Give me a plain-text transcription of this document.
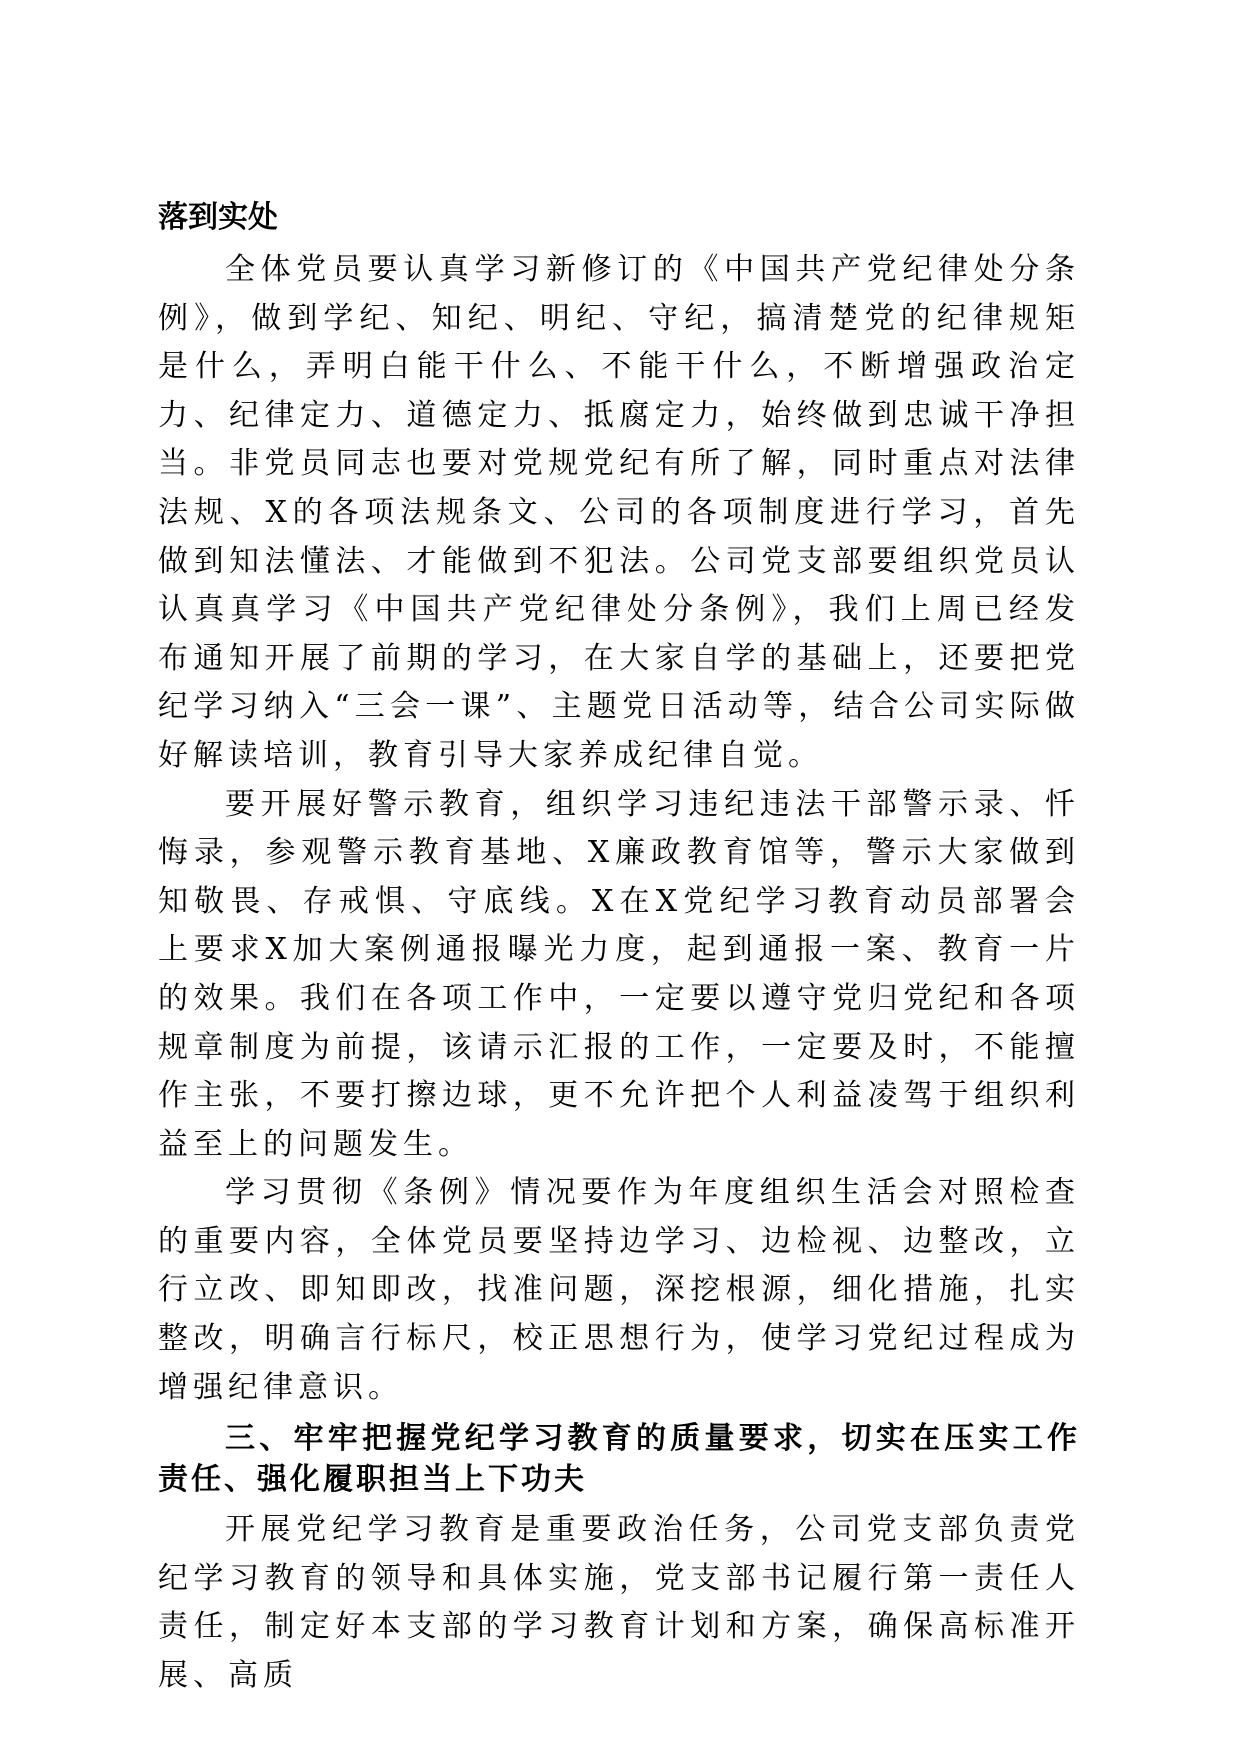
落到实处

全体党员要认真学习新修订的《中国共产党纪律处分条例》，做到学纪、知纪、明纪、守纪，搞清楚党的纪律规矩是什么，弄明白能干什么、不能干什么，不断增强政治定力、纪律定力、道德定力、抵腐定力，始终做到忠诚干净担当。非党员同志也要对党规党纪有所了解，同时重点对法律法规、X的各项法规条文、公司的各项制度进行学习，首先做到知法懂法、才能做到不犯法。公司党支部要组织党员认认真真学习《中国共产党纪律处分条例》，我们上周已经发布通知开展了前期的学习，在大家自学的基础上，还要把党纪学习纳入“三会一课”、主题党日活动等，结合公司实际做好解读培训，教育引导大家养成纪律自觉。

要开展好警示教育，组织学习违纪违法干部警示录、忏悔录，参观警示教育基地、X廉政教育馆等，警示大家做到知敬畏、存戒惧、守底线。X在X党纪学习教育动员部署会上要求X加大案例通报曝光力度，起到通报一案、教育一片的效果。我们在各项工作中，一定要以遵守党归党纪和各项规章制度为前提，该请示汇报的工作，一定要及时，不能擅作主张，不要打擦边球，更不允许把个人利益凌驾于组织利益至上的问题发生。

学习贯彻《条例》情况要作为年度组织生活会对照检查的重要内容，全体党员要坚持边学习、边检视、边整改，立行立改、即知即改，找准问题，深挖根源，细化措施，扎实整改，明确言行标尺，校正思想行为，使学习党纪过程成为增强纪律意识。

三、牢牢把握党纪学习教育的质量要求，切实在压实工作责任、强化履职担当上下功夫

开展党纪学习教育是重要政治任务，公司党支部负责党纪学习教育的领导和具体实施，党支部书记履行第一责任人责任，制定好本支部的学习教育计划和方案，确保高标准开展、高质
